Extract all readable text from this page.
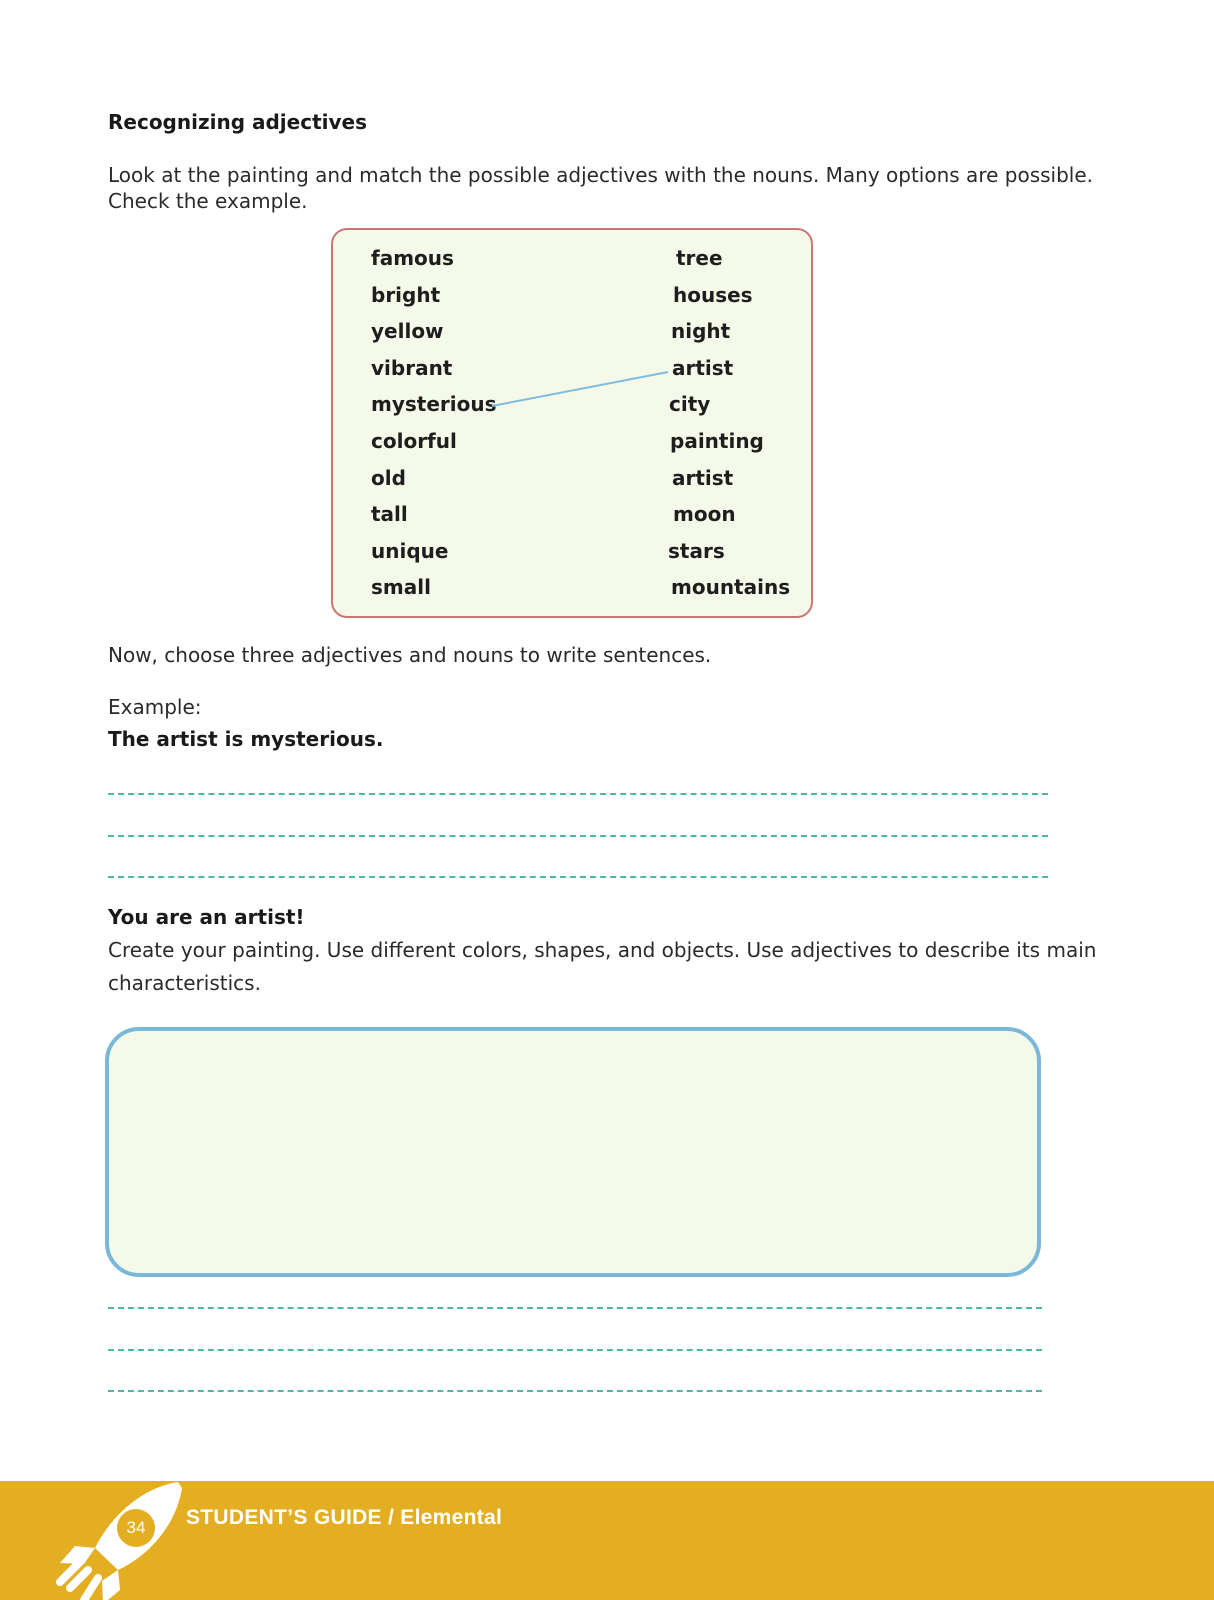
Recognizing adjectives
Look at the painting and match the possible adjectives with the nouns. Many options are possible.
Check the example.
famous
bright
yellow
vibrant
mysterious
colorful
old
tall
unique
small
tree
houses
night
artist
city
painting
artist
moon
stars
mountains
Now, choose three adjectives and nouns to write sentences.
Example:
The artist is mysterious.
You are an artist!
Create your painting. Use different colors, shapes, and objects. Use adjectives to describe its main
characteristics.
34	STUDENT’S GUIDE / Elemental
